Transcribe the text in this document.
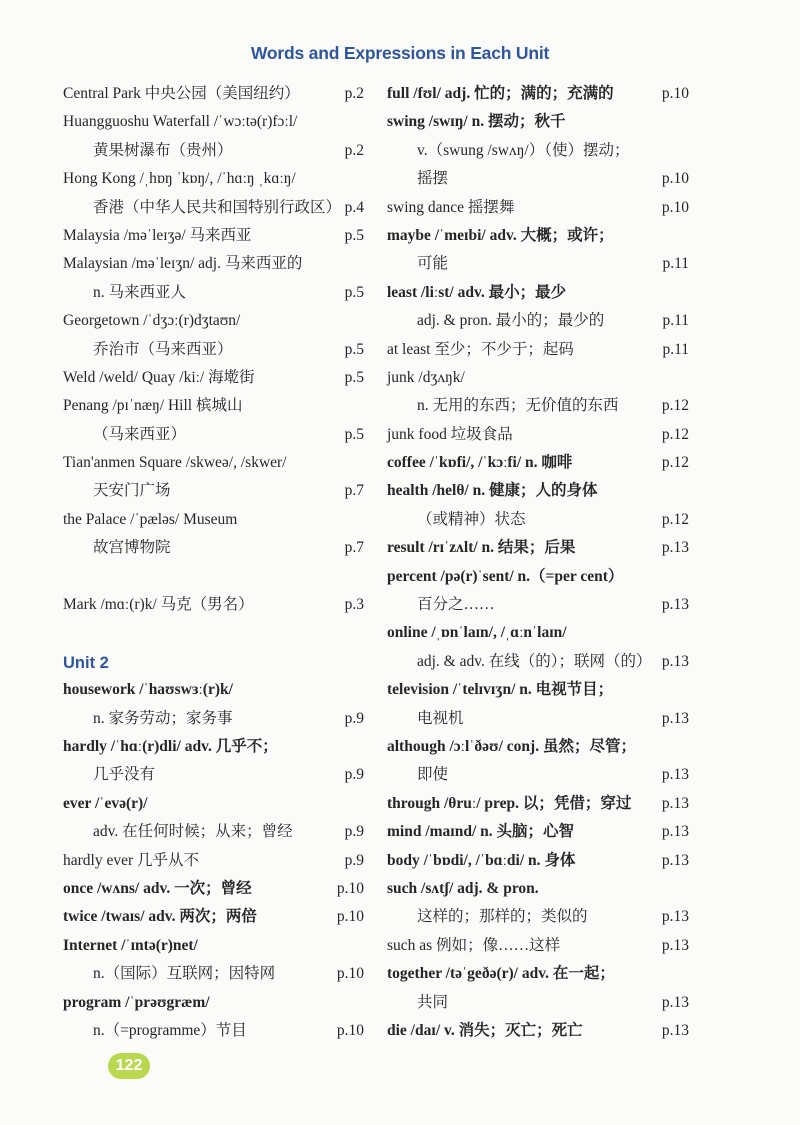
Words and Expressions in Each Unit
Central Park 中央公园（美国纽约）	p.2
Huangguoshu Waterfall /ˈwɔːtə(r)fɔːl/
黄果树瀑布（贵州）	p.2
Hong Kong /ˌhɒŋ ˈkɒŋ/, /ˈhɑːŋ ˌkɑːŋ/
香港（中华人民共和国特别行政区） p.4
Malaysia /məˈleɪʒə/ 马来西亚	p.5
Malaysian /məˈleɪʒn/ adj. 马来西亚的
n. 马来西亚人	p.5
Georgetown /ˈdʒɔː(r)dʒtaʊn/
乔治市（马来西亚）	p.5
Weld /weld/ Quay /kiː/ 海墘街	p.5
Penang /pɪˈnæŋ/ Hill 槟城山
（马来西亚）	p.5
Tian'anmen Square /skweə/, /skwer/
天安门广场	p.7
the Palace /ˈpæləs/ Museum
故宫博物院	p.7
Mark /mɑː(r)k/ 马克（男名）	p.3
Unit 2
housework /ˈhaʊswɜː(r)k/
n. 家务劳动；家务事	p.9
hardly /ˈhɑː(r)dli/ adv. 几乎不；
几乎没有	p.9
ever /ˈevə(r)/
adv. 在任何时候；从来；曾经	p.9
hardly ever 几乎从不	p.9
once /wʌns/ adv. 一次；曾经	p.10
twice /twaɪs/ adv. 两次；两倍	p.10
Internet /ˈɪntə(r)net/
n.（国际）互联网；因特网	p.10
program /ˈprəʊgræm/
n.（=programme）节目	p.10
full /fʊl/ adj. 忙的；满的；充满的	p.10
swing /swɪŋ/ n. 摆动；秋千
v.（swung /swʌŋ/）（使）摆动；
摇摆	p.10
swing dance 摇摆舞	p.10
maybe /ˈmeɪbi/ adv. 大概；或许；
可能	p.11
least /liːst/ adv. 最小；最少
adj. & pron. 最小的；最少的	p.11
at least 至少；不少于；起码	p.11
junk /dʒʌŋk/
n. 无用的东西；无价值的东西	p.12
junk food 垃圾食品	p.12
coffee /ˈkɒfi/, /ˈkɔːfi/ n. 咖啡	p.12
health /helθ/ n. 健康；人的身体
（或精神）状态	p.12
result /rɪˈzʌlt/ n. 结果；后果	p.13
percent /pə(r)ˈsent/ n.（=per cent）
百分之……	p.13
online /ˌɒnˈlaɪn/, /ˌɑːnˈlaɪn/
adj. & adv. 在线（的）；联网（的） p.13
television /ˈtelɪvɪʒn/ n. 电视节目；
电视机	p.13
although /ɔːlˈðəʊ/ conj. 虽然；尽管；
即使	p.13
through /θruː/ prep. 以；凭借；穿过 p.13
mind /maɪnd/ n. 头脑；心智	p.13
body /ˈbɒdi/, /ˈbɑːdi/ n. 身体	p.13
such /sʌtʃ/ adj. & pron.
这样的；那样的；类似的	p.13
such as 例如；像……这样	p.13
together /təˈgeðə(r)/ adv. 在一起；
共同	p.13
die /daɪ/ v. 消失；灭亡；死亡	p.13
122
